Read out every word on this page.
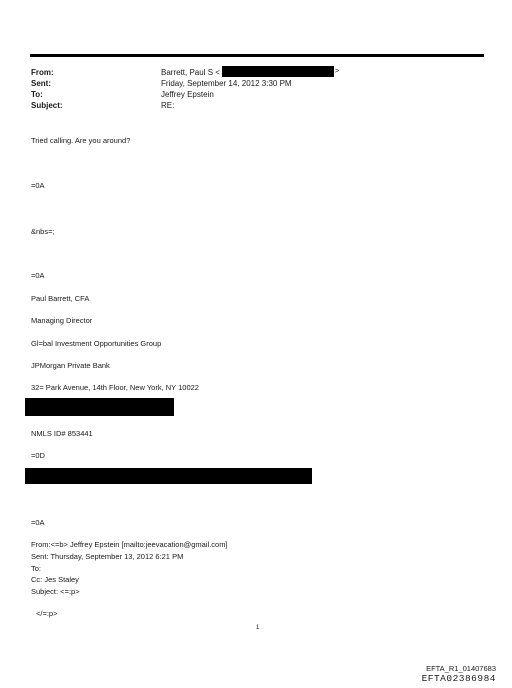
From:
Sent:
To:
Subject:
Barrett, Paul S <	>
Friday, September 14, 2012 3:30 PM
Jeffrey Epstein
RE:
Tried calling. Are you around?
=0A
&nbs=;
=0A
Paul Barrett, CFA
Managing Director
Gl=bal Investment Opportunities Group
JPMorgan Private Bank
32= Park Avenue, 14th Floor, New York, NY 10022
NMLS ID# 853441
=0D
=0A
From:<=b> Jeffrey Epstein [mailto:jeevacation@gmail.com]
Sent: Thursday, September 13, 2012 6:21 PM
To:
Cc: Jes Staley
Subject: <=:p>
</=:p>
1
EFTA_R1_01407683
EFTA02386984
